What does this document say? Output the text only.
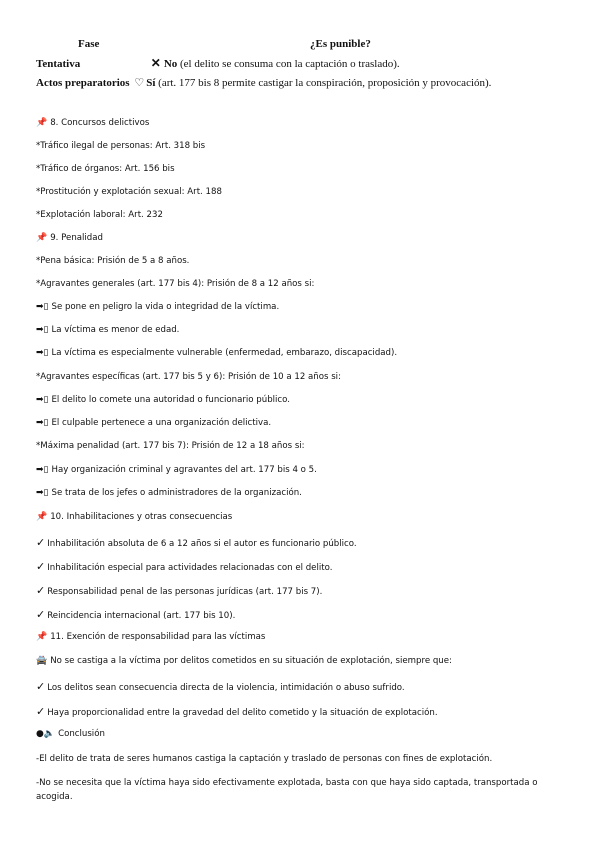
Fase	¿Es punible?
Tentativa	✕ No (el delito se consuma con la captación o traslado).
Actos preparatorios ♡ Sí (art. 177 bis 8 permite castigar la conspiración, proposición y provocación).
📌 8. Concursos delictivos
*Tráfico ilegal de personas: Art. 318 bis
*Tráfico de órganos: Art. 156 bis
*Prostitución y explotación sexual: Art. 188
*Explotación laboral: Art. 232
📌 9. Penalidad
*Pena básica: Prisión de 5 a 8 años.
*Agravantes generales (art. 177 bis 4): Prisión de 8 a 12 años si:
➡▯ Se pone en peligro la vida o integridad de la víctima.
➡▯ La víctima es menor de edad.
➡▯ La víctima es especialmente vulnerable (enfermedad, embarazo, discapacidad).
*Agravantes específicas (art. 177 bis 5 y 6): Prisión de 10 a 12 años si:
➡▯ El delito lo comete una autoridad o funcionario público.
➡▯ El culpable pertenece a una organización delictiva.
*Máxima penalidad (art. 177 bis 7): Prisión de 12 a 18 años si:
➡▯ Hay organización criminal y agravantes del art. 177 bis 4 o 5.
➡▯ Se trata de los jefes o administradores de la organización.
📌 10. Inhabilitaciones y otras consecuencias
✓ Inhabilitación absoluta de 6 a 12 años si el autor es funcionario público.
✓ Inhabilitación especial para actividades relacionadas con el delito.
✓ Responsabilidad penal de las personas jurídicas (art. 177 bis 7).
✓ Reincidencia internacional (art. 177 bis 10).
📌 11. Exención de responsabilidad para las víctimas
🚔 No se castiga a la víctima por delitos cometidos en su situación de explotación, siempre que:
✓ Los delitos sean consecuencia directa de la violencia, intimidación o abuso sufrido.
✓ Haya proporcionalidad entre la gravedad del delito cometido y la situación de explotación.
●🔈 Conclusión
-El delito de trata de seres humanos castiga la captación y traslado de personas con fines de explotación.
-No se necesita que la víctima haya sido efectivamente explotada, basta con que haya sido captada, transportada o
acogida.
